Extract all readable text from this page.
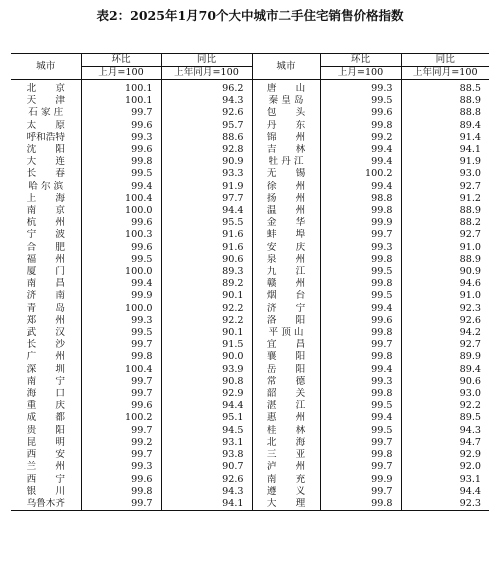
表2：2025年1月70个大中城市二手住宅销售价格指数
城市	环比	同比	城市	环比	同比
	上月=100	上年同月=100		上月=100	上年同月=100

北　　京	100.1	96.2	唐　　山	99.3	88.5
天　　津	100.1	94.3	秦 皇 岛	99.5	88.9
石 家 庄	99.7	92.6	包　　头	99.6	88.8
太　　原	99.6	95.7	丹　　东	99.8	89.4
呼和浩特	99.3	88.6	锦　　州	99.2	91.4
沈　　阳	99.6	92.8	吉　　林	99.4	94.1
大　　连	99.8	90.9	牡 丹 江	99.4	91.9
长　　春	99.5	93.3	无　　锡	100.2	93.0
哈 尔 滨	99.4	91.9	徐　　州	99.4	92.7
上　　海	100.4	97.7	扬　　州	98.8	91.2
南　　京	100.0	94.4	温　　州	99.8	88.9
杭　　州	99.6	95.5	金　　华	99.9	88.2
宁　　波	100.3	91.6	蚌　　埠	99.7	92.7
合　　肥	99.6	91.6	安　　庆	99.3	91.0
福　　州	99.5	90.6	泉　　州	99.8	88.9
厦　　门	100.0	89.3	九　　江	99.5	90.9
南　　昌	99.4	89.2	赣　　州	99.8	94.6
济　　南	99.9	90.1	烟　　台	99.5	91.0
青　　岛	100.0	92.2	济　　宁	99.4	92.3
郑　　州	99.3	92.2	洛　　阳	99.6	92.6
武　　汉	99.5	90.1	平 顶 山	99.8	94.2
长　　沙	99.7	91.5	宜　　昌	99.7	92.7
广　　州	99.8	90.0	襄　　阳	99.8	89.9
深　　圳	100.4	93.9	岳　　阳	99.4	89.4
南　　宁	99.7	90.8	常　　德	99.3	90.6
海　　口	99.7	92.9	韶　　关	99.8	93.0
重　　庆	99.6	94.4	湛　　江	99.5	92.2
成　　都	100.2	95.1	惠　　州	99.4	89.5
贵　　阳	99.7	94.5	桂　　林	99.5	94.3
昆　　明	99.2	93.1	北　　海	99.7	94.7
西　　安	99.7	93.8	三　　亚	99.8	92.9
兰　　州	99.3	90.7	泸　　州	99.7	92.0
西　　宁	99.6	92.6	南　　充	99.9	93.1
银　　川	99.8	94.3	遵　　义	99.7	94.4
乌鲁木齐	99.7	94.1	大　　理	99.8	92.3
